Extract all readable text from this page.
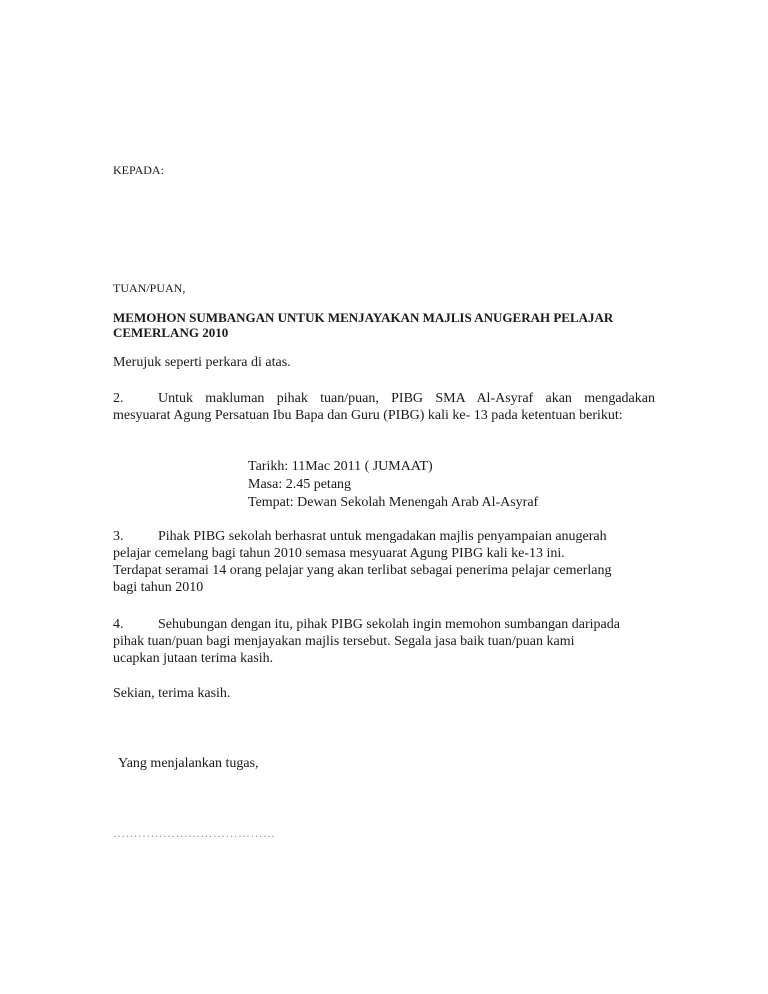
KEPADA:
TUAN/PUAN,
MEMOHON SUMBANGAN UNTUK MENJAYAKAN MAJLIS ANUGERAH PELAJAR
CEMERLANG 2010
Merujuk seperti perkara di atas.
2. Untuk makluman pihak tuan/puan, PIBG SMA Al-Asyraf akan mengadakan
mesyuarat Agung Persatuan Ibu Bapa dan Guru (PIBG) kali ke- 13 pada ketentuan berikut:
Tarikh: 11Mac 2011 ( JUMAAT)
Masa: 2.45 petang
Tempat: Dewan Sekolah Menengah Arab Al-Asyraf
3. Pihak PIBG sekolah berhasrat untuk mengadakan majlis penyampaian anugerah
pelajar cemelang bagi tahun 2010 semasa mesyuarat Agung PIBG kali ke-13 ini.
Terdapat seramai 14 orang pelajar yang akan terlibat sebagai penerima pelajar cemerlang
bagi tahun 2010
4. Sehubungan dengan itu, pihak PIBG sekolah ingin memohon sumbangan daripada
pihak tuan/puan bagi menjayakan majlis tersebut. Segala jasa baik tuan/puan kami
ucapkan jutaan terima kasih.
Sekian, terima kasih.
Yang menjalankan tugas,
…………………………………
